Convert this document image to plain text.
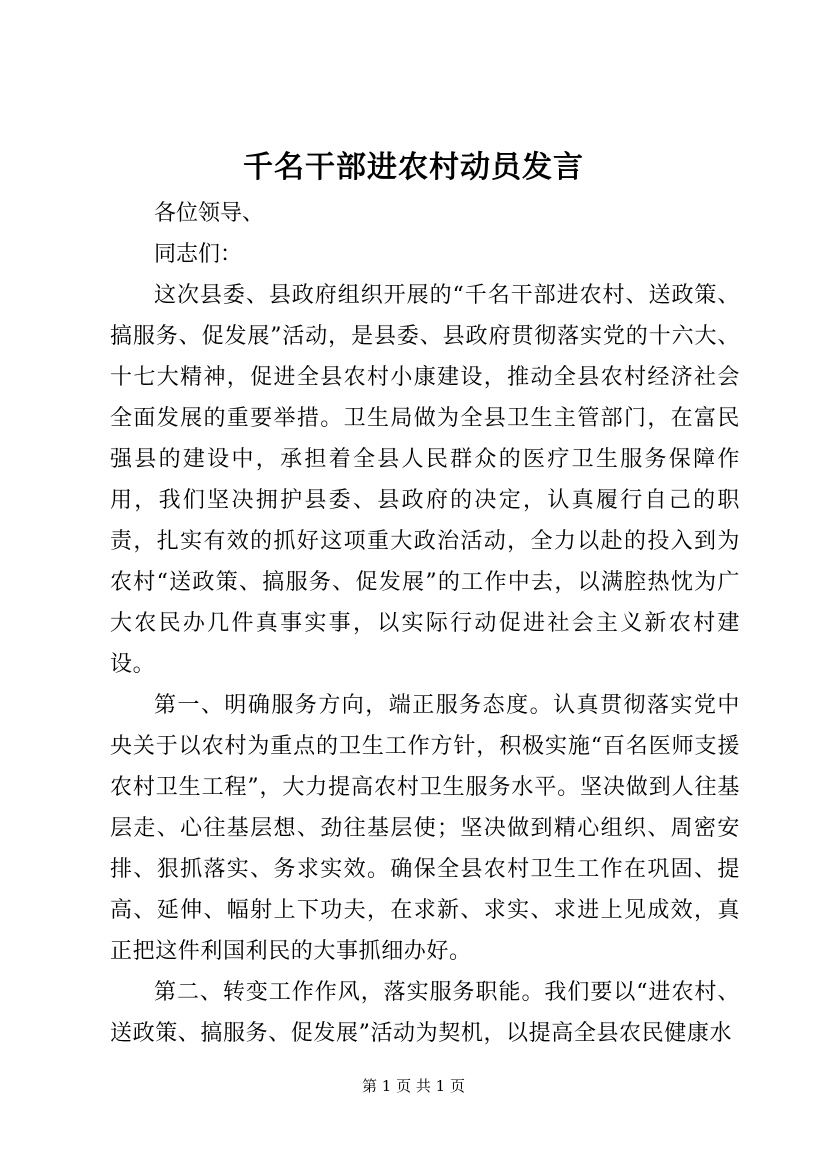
千名干部进农村动员发言

各位领导、

同志们：

这次县委、县政府组织开展的“千名干部进农村、送政策、搞服务、促发展”活动，是县委、县政府贯彻落实党的十六大、十七大精神，促进全县农村小康建设，推动全县农村经济社会全面发展的重要举措。卫生局做为全县卫生主管部门，在富民强县的建设中，承担着全县人民群众的医疗卫生服务保障作用，我们坚决拥护县委、县政府的决定，认真履行自己的职责，扎实有效的抓好这项重大政治活动，全力以赴的投入到为农村“送政策、搞服务、促发展”的工作中去，以满腔热忱为广大农民办几件真事实事，以实际行动促进社会主义新农村建设。

第一、明确服务方向，端正服务态度。认真贯彻落实党中央关于以农村为重点的卫生工作方针，积极实施“百名医师支援农村卫生工程”，大力提高农村卫生服务水平。坚决做到人往基层走、心往基层想、劲往基层使；坚决做到精心组织、周密安排、狠抓落实、务求实效。确保全县农村卫生工作在巩固、提高、延伸、幅射上下功夫，在求新、求实、求进上见成效，真正把这件利国利民的大事抓细办好。

第二、转变工作作风，落实服务职能。我们要以“进农村、送政策、搞服务、促发展”活动为契机，以提高全县农民健康水

第 1 页 共 1 页
